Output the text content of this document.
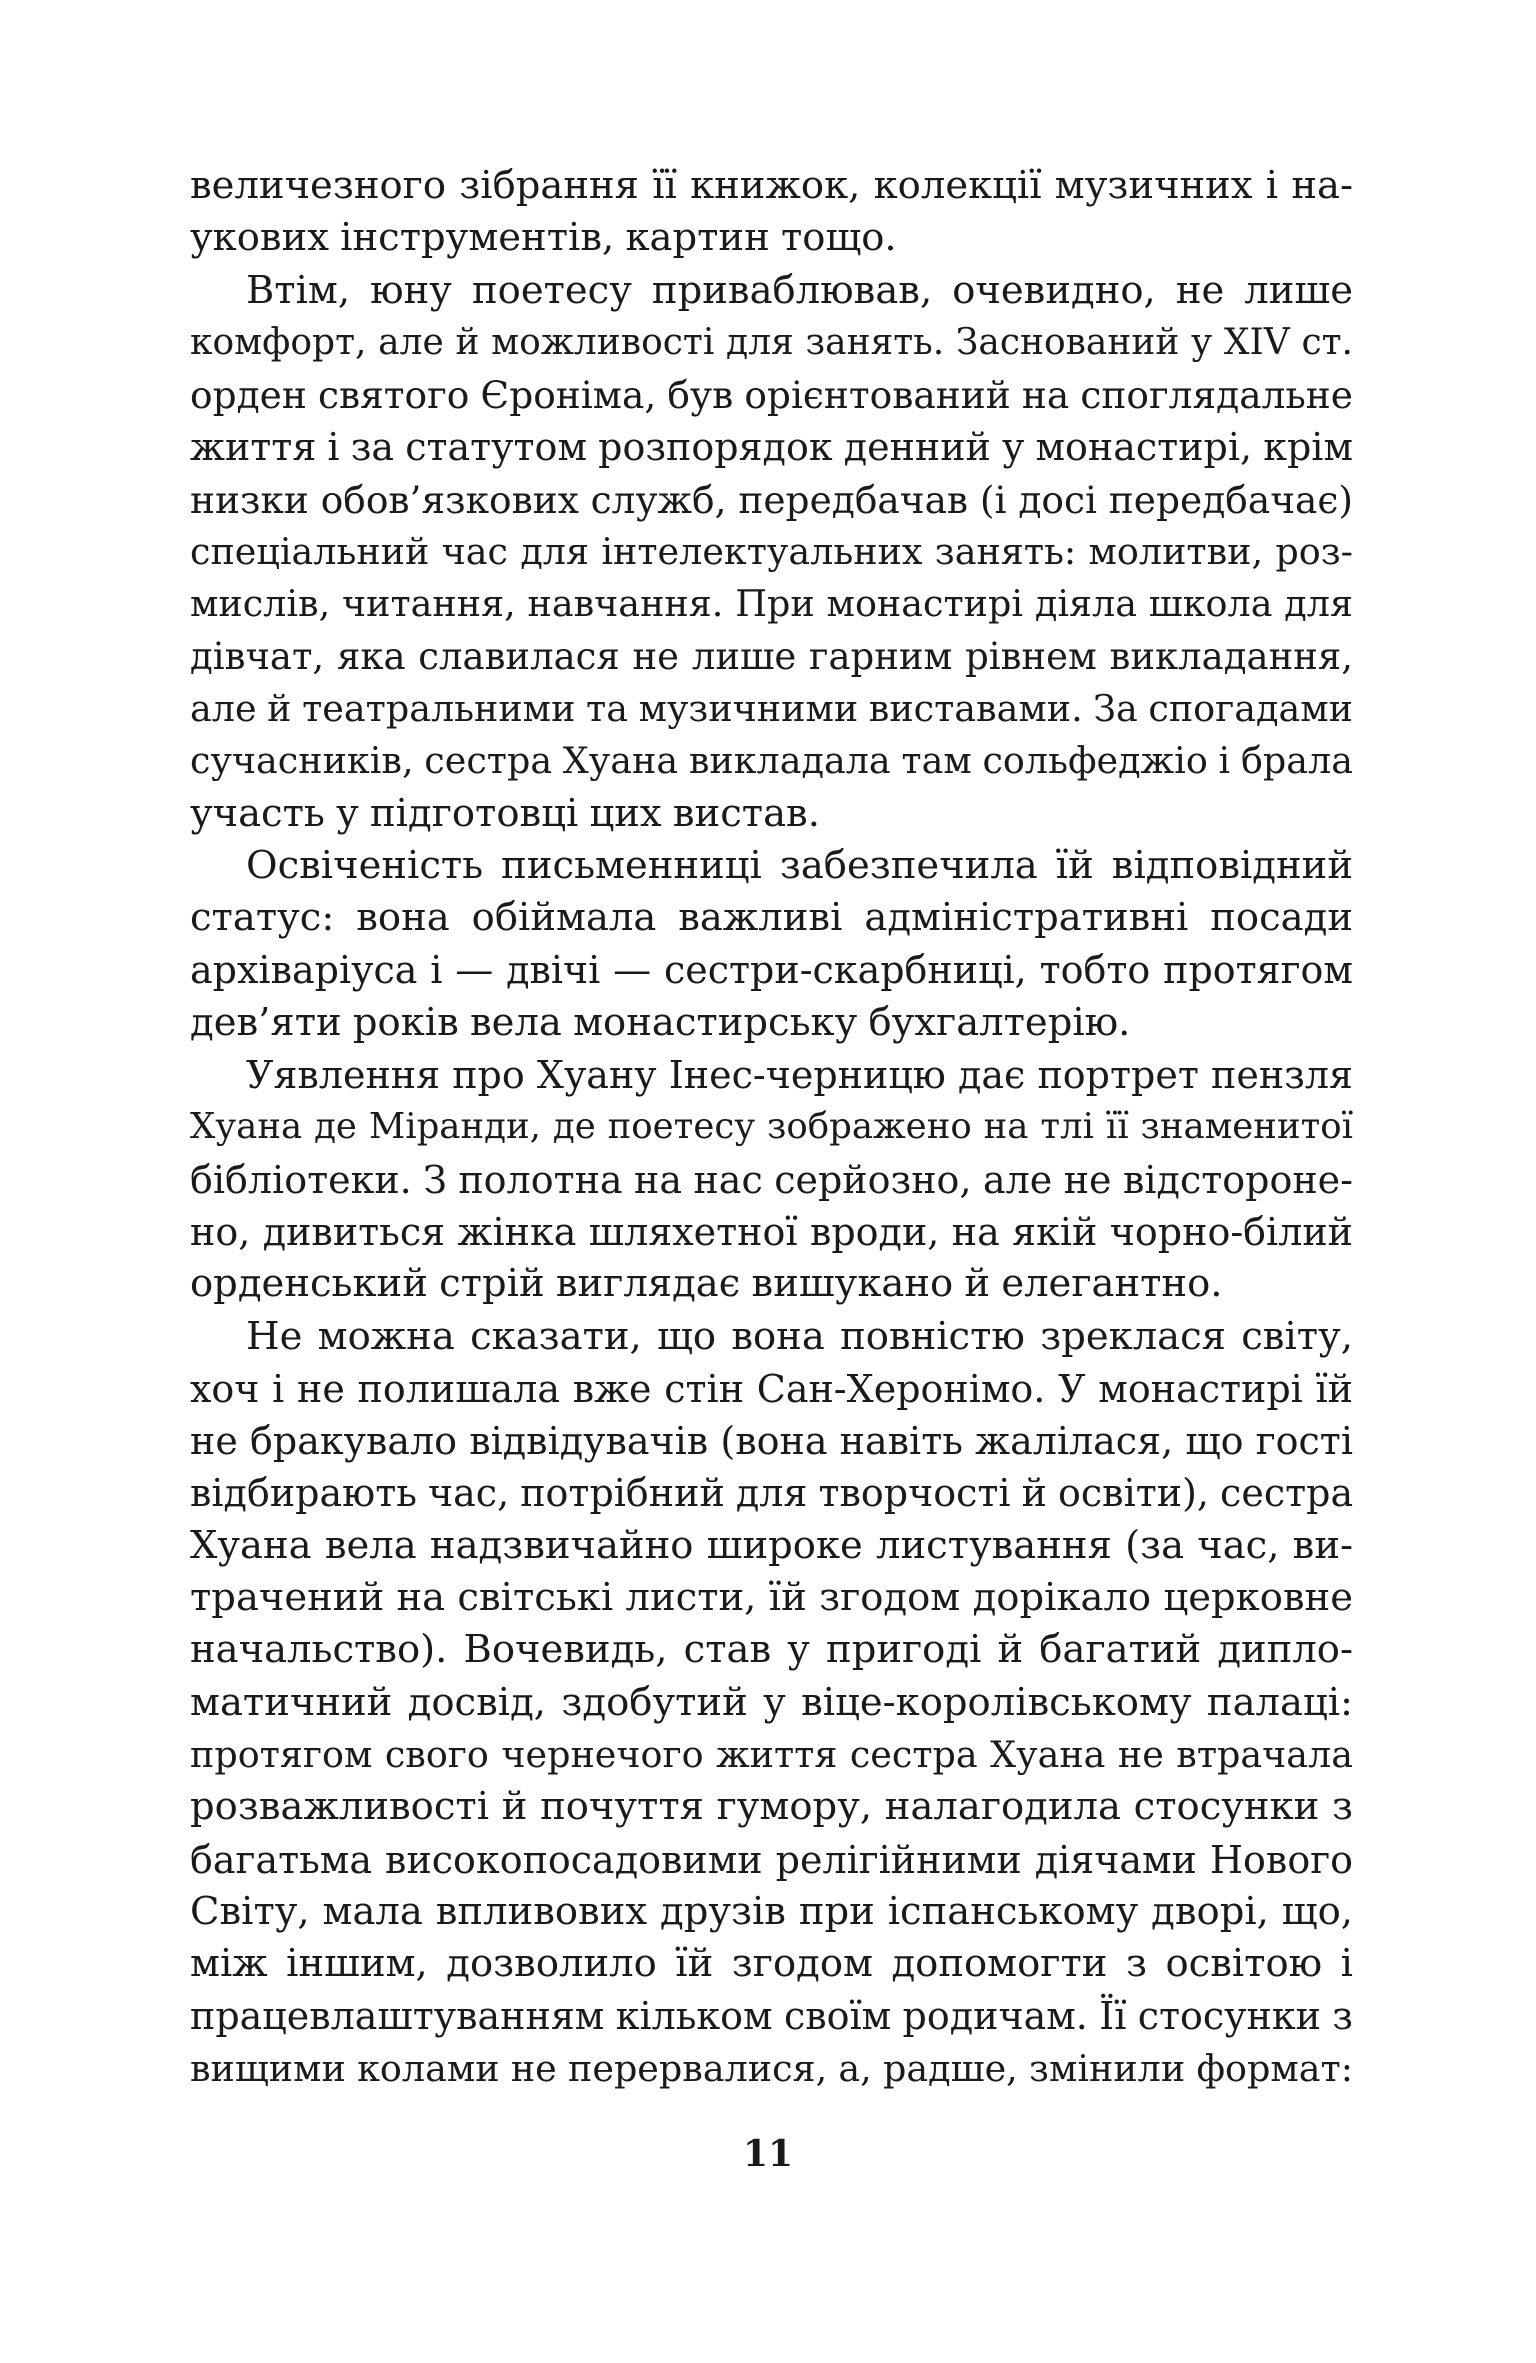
величезного зібрання її книжок, колекції музичних і на-
укових інструментів, картин тощо.
Втім, юну поетесу приваблював, очевидно, не лише
комфорт, але й можливості для занять. Заснований у XIV ст.
орден святого Єроніма, був орієнтований на споглядальне
життя і за статутом розпорядок денний у монастирі, крім
низки обов’язкових служб, передбачав (і досі передбачає)
спеціальний час для інтелектуальних занять: молитви, роз-
мислів, читання, навчання. При монастирі діяла школа для
дівчат, яка славилася не лише гарним рівнем викладання,
але й театральними та музичними виставами. За спогадами
сучасників, сестра Хуана викладала там сольфеджіо і брала
участь у підготовці цих вистав.
Освіченість письменниці забезпечила їй відповідний
статус: вона обіймала важливі адміністративні посади
архіваріуса і — двічі — сестри-скарбниці, тобто протягом
дев’яти років вела монастирську бухгалтерію.
Уявлення про Хуану Інес-черницю дає портрет пензля
Хуана де Міранди, де поетесу зображено на тлі її знаменитої
бібліотеки. З полотна на нас серйозно, але не відстороне-
но, дивиться жінка шляхетної вроди, на якій чорно-білий
орденський стрій виглядає вишукано й елегантно.
Не можна сказати, що вона повністю зреклася світу,
хоч і не полишала вже стін Сан-Херонімо. У монастирі їй
не бракувало відвідувачів (вона навіть жалілася, що гості
відбирають час, потрібний для творчості й освіти), сестра
Хуана вела надзвичайно широке листування (за час, ви-
трачений на світські листи, їй згодом дорікало церковне
начальство). Вочевидь, став у пригоді й багатий дипло-
матичний досвід, здобутий у віце-королівському палаці:
протягом свого чернечого життя сестра Хуана не втрачала
розважливості й почуття гумору, налагодила стосунки з
багатьма високопосадовими релігійними діячами Нового
Світу, мала впливових друзів при іспанському дворі, що,
між іншим, дозволило їй згодом допомогти з освітою і
працевлаштуванням кільком своїм родичам. Її стосунки з
вищими колами не перервалися, а, радше, змінили формат:
11
